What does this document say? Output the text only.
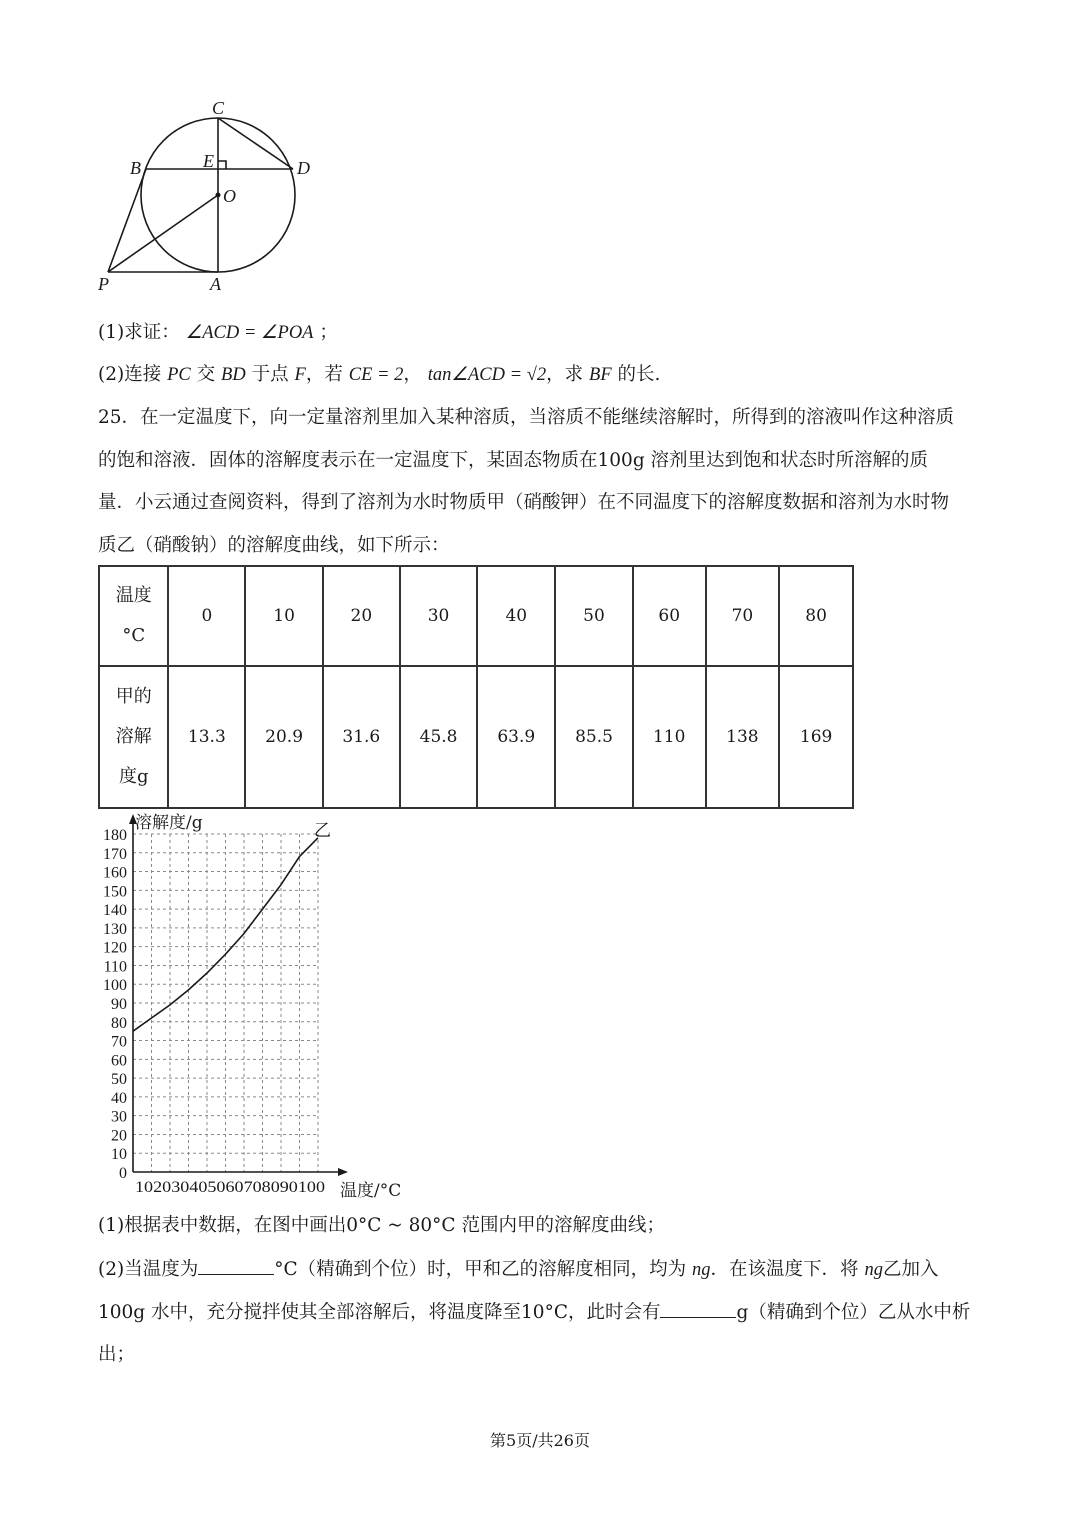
C
E
B	D
O
P	A
(1)求证： ∠ACD = ∠POA ；
(2)连接 PC 交 BD 于点 F，若 CE = 2， tan∠ACD = √2，求 BF 的长.
25．在一定温度下，向一定量溶剂里加入某种溶质，当溶质不能继续溶解时，所得到的溶液叫作这种溶质
的饱和溶液．固体的溶解度表示在一定温度下，某固态物质在100g 溶剂里达到饱和状态时所溶解的质
量．小云通过查阅资料，得到了溶剂为水时物质甲（硝酸钾）在不同温度下的溶解度数据和溶剂为水时物
质乙（硝酸钠）的溶解度曲线，如下所示：
温度
°C	0	10	20	30	40	50	60	70	80

甲的
溶解
度g	13.3	20.9	31.6	45.8	63.9	85.5	110	138	169
0
10
20
30
40
50
60
70
80
90
100
110
120
130
140
150
160
170
180
102030405060708090100
溶解度/g
温度/°C
乙
(1)根据表中数据，在图中画出0°C ~ 80°C 范围内甲的溶解度曲线；
(2)当温度为	°C（精确到个位）时，甲和乙的溶解度相同，均为 ng．在该温度下．将 ng乙加入
100g 水中，充分搅拌使其全部溶解后，将温度降至10°C，此时会有	g（精确到个位）乙从水中析
出；
第5页/共26页
